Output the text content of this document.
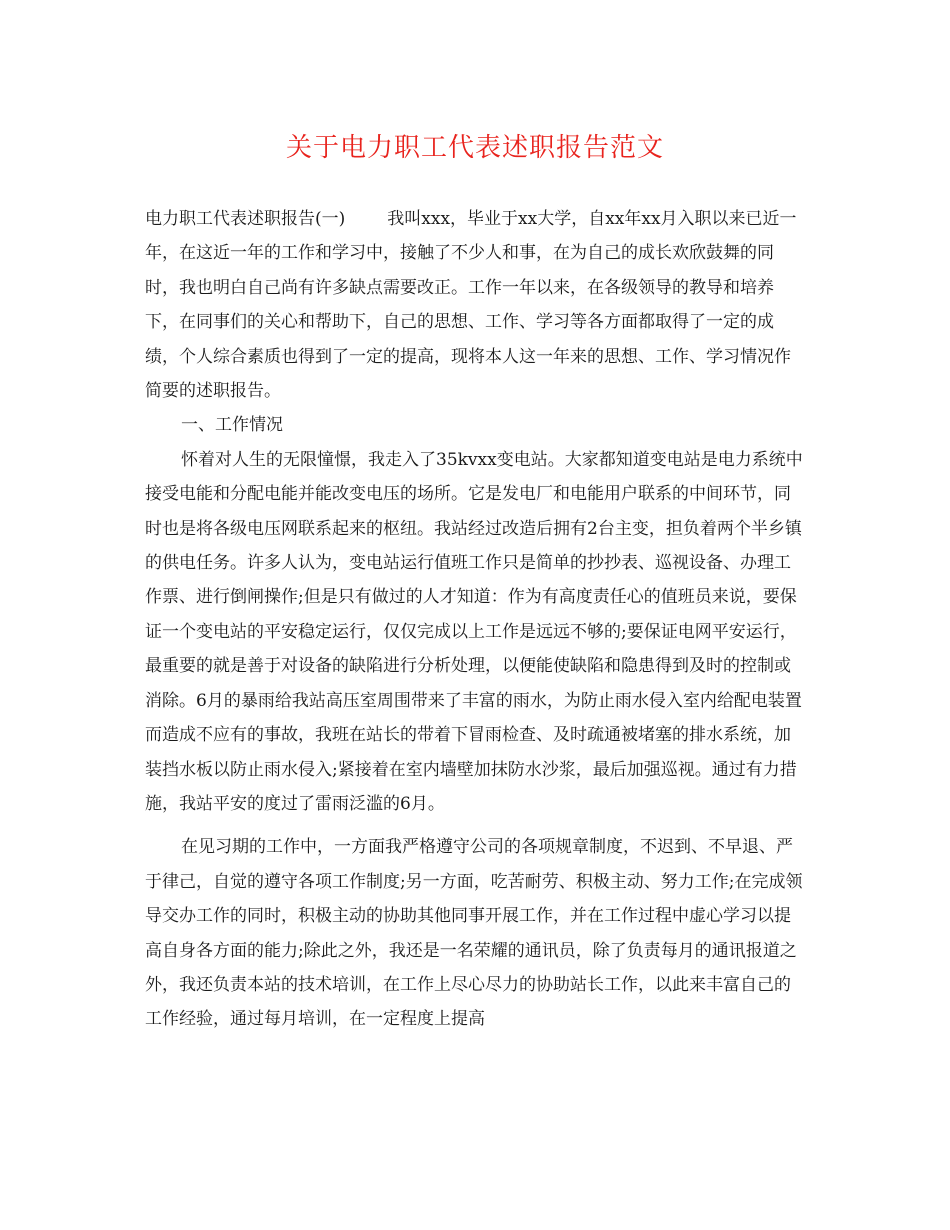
关于电力职工代表述职报告范文

电力职工代表述职报告(一) 我叫xxx，毕业于xx大学，自xx年xx月入职以来已近一年，在这近一年的工作和学习中，接触了不少人和事，在为自己的成长欢欣鼓舞的同时，我也明白自己尚有许多缺点需要改正。工作一年以来，在各级领导的教导和培养下，在同事们的关心和帮助下，自己的思想、工作、学习等各方面都取得了一定的成绩，个人综合素质也得到了一定的提高，现将本人这一年来的思想、工作、学习情况作简要的述职报告。

一、工作情况

怀着对人生的无限憧憬，我走入了35kvxx变电站。大家都知道变电站是电力系统中接受电能和分配电能并能改变电压的场所。它是发电厂和电能用户联系的中间环节，同时也是将各级电压网联系起来的枢纽。我站经过改造后拥有2台主变，担负着两个半乡镇的供电任务。许多人认为，变电站运行值班工作只是简单的抄抄表、巡视设备、办理工作票、进行倒闸操作;但是只有做过的人才知道：作为有高度责任心的值班员来说，要保证一个变电站的平安稳定运行，仅仅完成以上工作是远远不够的;要保证电网平安运行，最重要的就是善于对设备的缺陷进行分析处理，以便能使缺陷和隐患得到及时的控制或消除。6月的暴雨给我站高压室周围带来了丰富的雨水，为防止雨水侵入室内给配电装置而造成不应有的事故，我班在站长的带着下冒雨检查、及时疏通被堵塞的排水系统，加装挡水板以防止雨水侵入;紧接着在室内墙壁加抹防水沙浆，最后加强巡视。通过有力措施，我站平安的度过了雷雨泛滥的6月。

在见习期的工作中，一方面我严格遵守公司的各项规章制度，不迟到、不早退、严于律己，自觉的遵守各项工作制度;另一方面，吃苦耐劳、积极主动、努力工作;在完成领导交办工作的同时，积极主动的协助其他同事开展工作，并在工作过程中虚心学习以提高自身各方面的能力;除此之外，我还是一名荣耀的通讯员，除了负责每月的通讯报道之外，我还负责本站的技术培训，在工作上尽心尽力的协助站长工作，以此来丰富自己的工作经验，通过每月培训，在一定程度上提高
